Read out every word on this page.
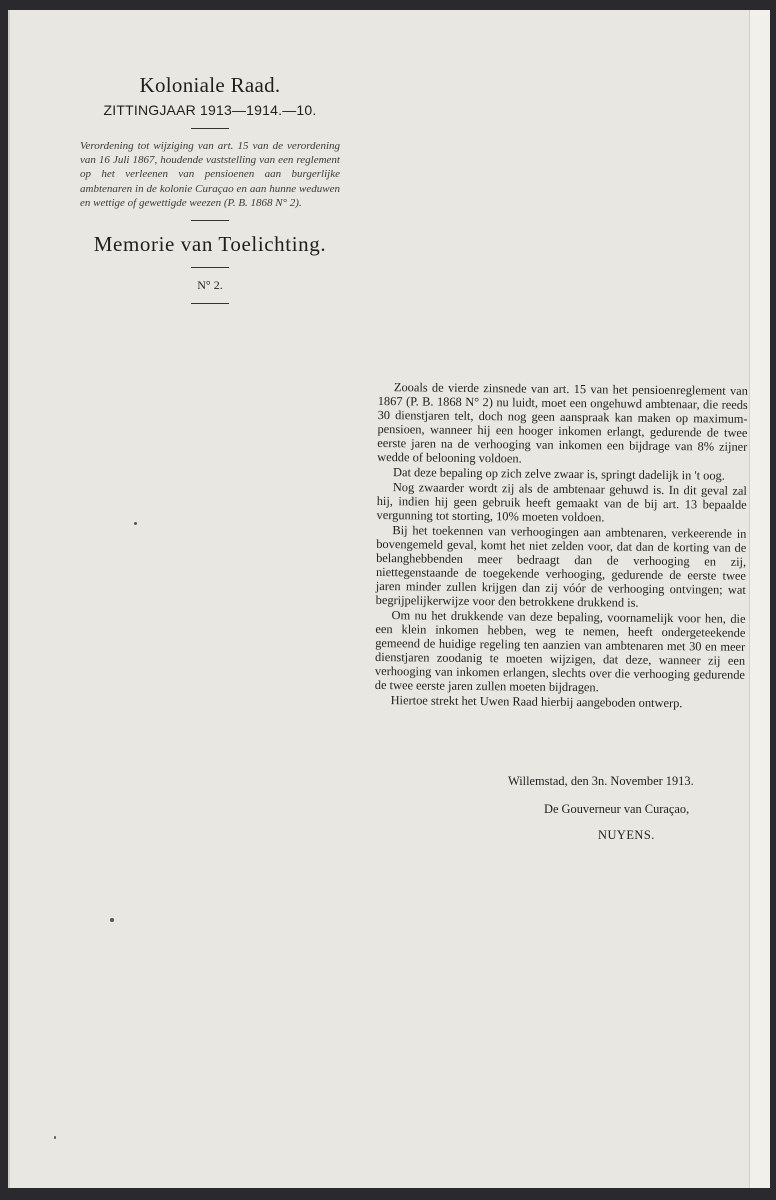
Koloniale Raad.
ZITTINGJAAR 1913—1914.—10.
Verordening tot wijziging van art. 15 van de verordening van 16 Juli 1867, houdende vaststelling van een reglement op het verleenen van pensioenen aan burgerlijke ambtenaren in de kolonie Curaçao en aan hunne weduwen en wettige of gewettigde weezen (P. B. 1868 N° 2).
Memorie van Toelichting.
N° 2.

Zooals de vierde zinsnede van art. 15 van het pensioenreglement van 1867 (P. B. 1868 N° 2) nu luidt, moet een ongehuwd ambtenaar, die reeds 30 dienstjaren telt, doch nog geen aanspraak kan maken op maximum-pensioen, wanneer hij een hooger inkomen erlangt, gedurende de twee eerste jaren na de verhooging van inkomen een bijdrage van 8% zijner wedde of belooning voldoen.

Dat deze bepaling op zich zelve zwaar is, springt dadelijk in 't oog.

Nog zwaarder wordt zij als de ambtenaar gehuwd is. In dit geval zal hij, indien hij geen gebruik heeft gemaakt van de bij art. 13 bepaalde vergunning tot storting, 10% moeten voldoen.

Bij het toekennen van verhoogingen aan ambtenaren, verkeerende in bovengemeld geval, komt het niet zelden voor, dat dan de korting van de belanghebbenden meer bedraagt dan de verhooging en zij, niettegenstaande de toegekende verhooging, gedurende de eerste twee jaren minder zullen krijgen dan zij vóór de verhooging ontvingen; wat begrijpelijkerwijze voor den betrokkene drukkend is.

Om nu het drukkende van deze bepaling, voornamelijk voor hen, die een klein inkomen hebben, weg te nemen, heeft ondergeteekende gemeend de huidige regeling ten aanzien van ambtenaren met 30 en meer dienstjaren zoodanig te moeten wijzigen, dat deze, wanneer zij een verhooging van inkomen erlangen, slechts over die verhooging gedurende de twee eerste jaren zullen moeten bijdragen.

Hiertoe strekt het Uwen Raad hierbij aangeboden ontwerp.

Willemstad, den 3n. November 1913.
De Gouverneur van Curaçao,
NUYENS.
